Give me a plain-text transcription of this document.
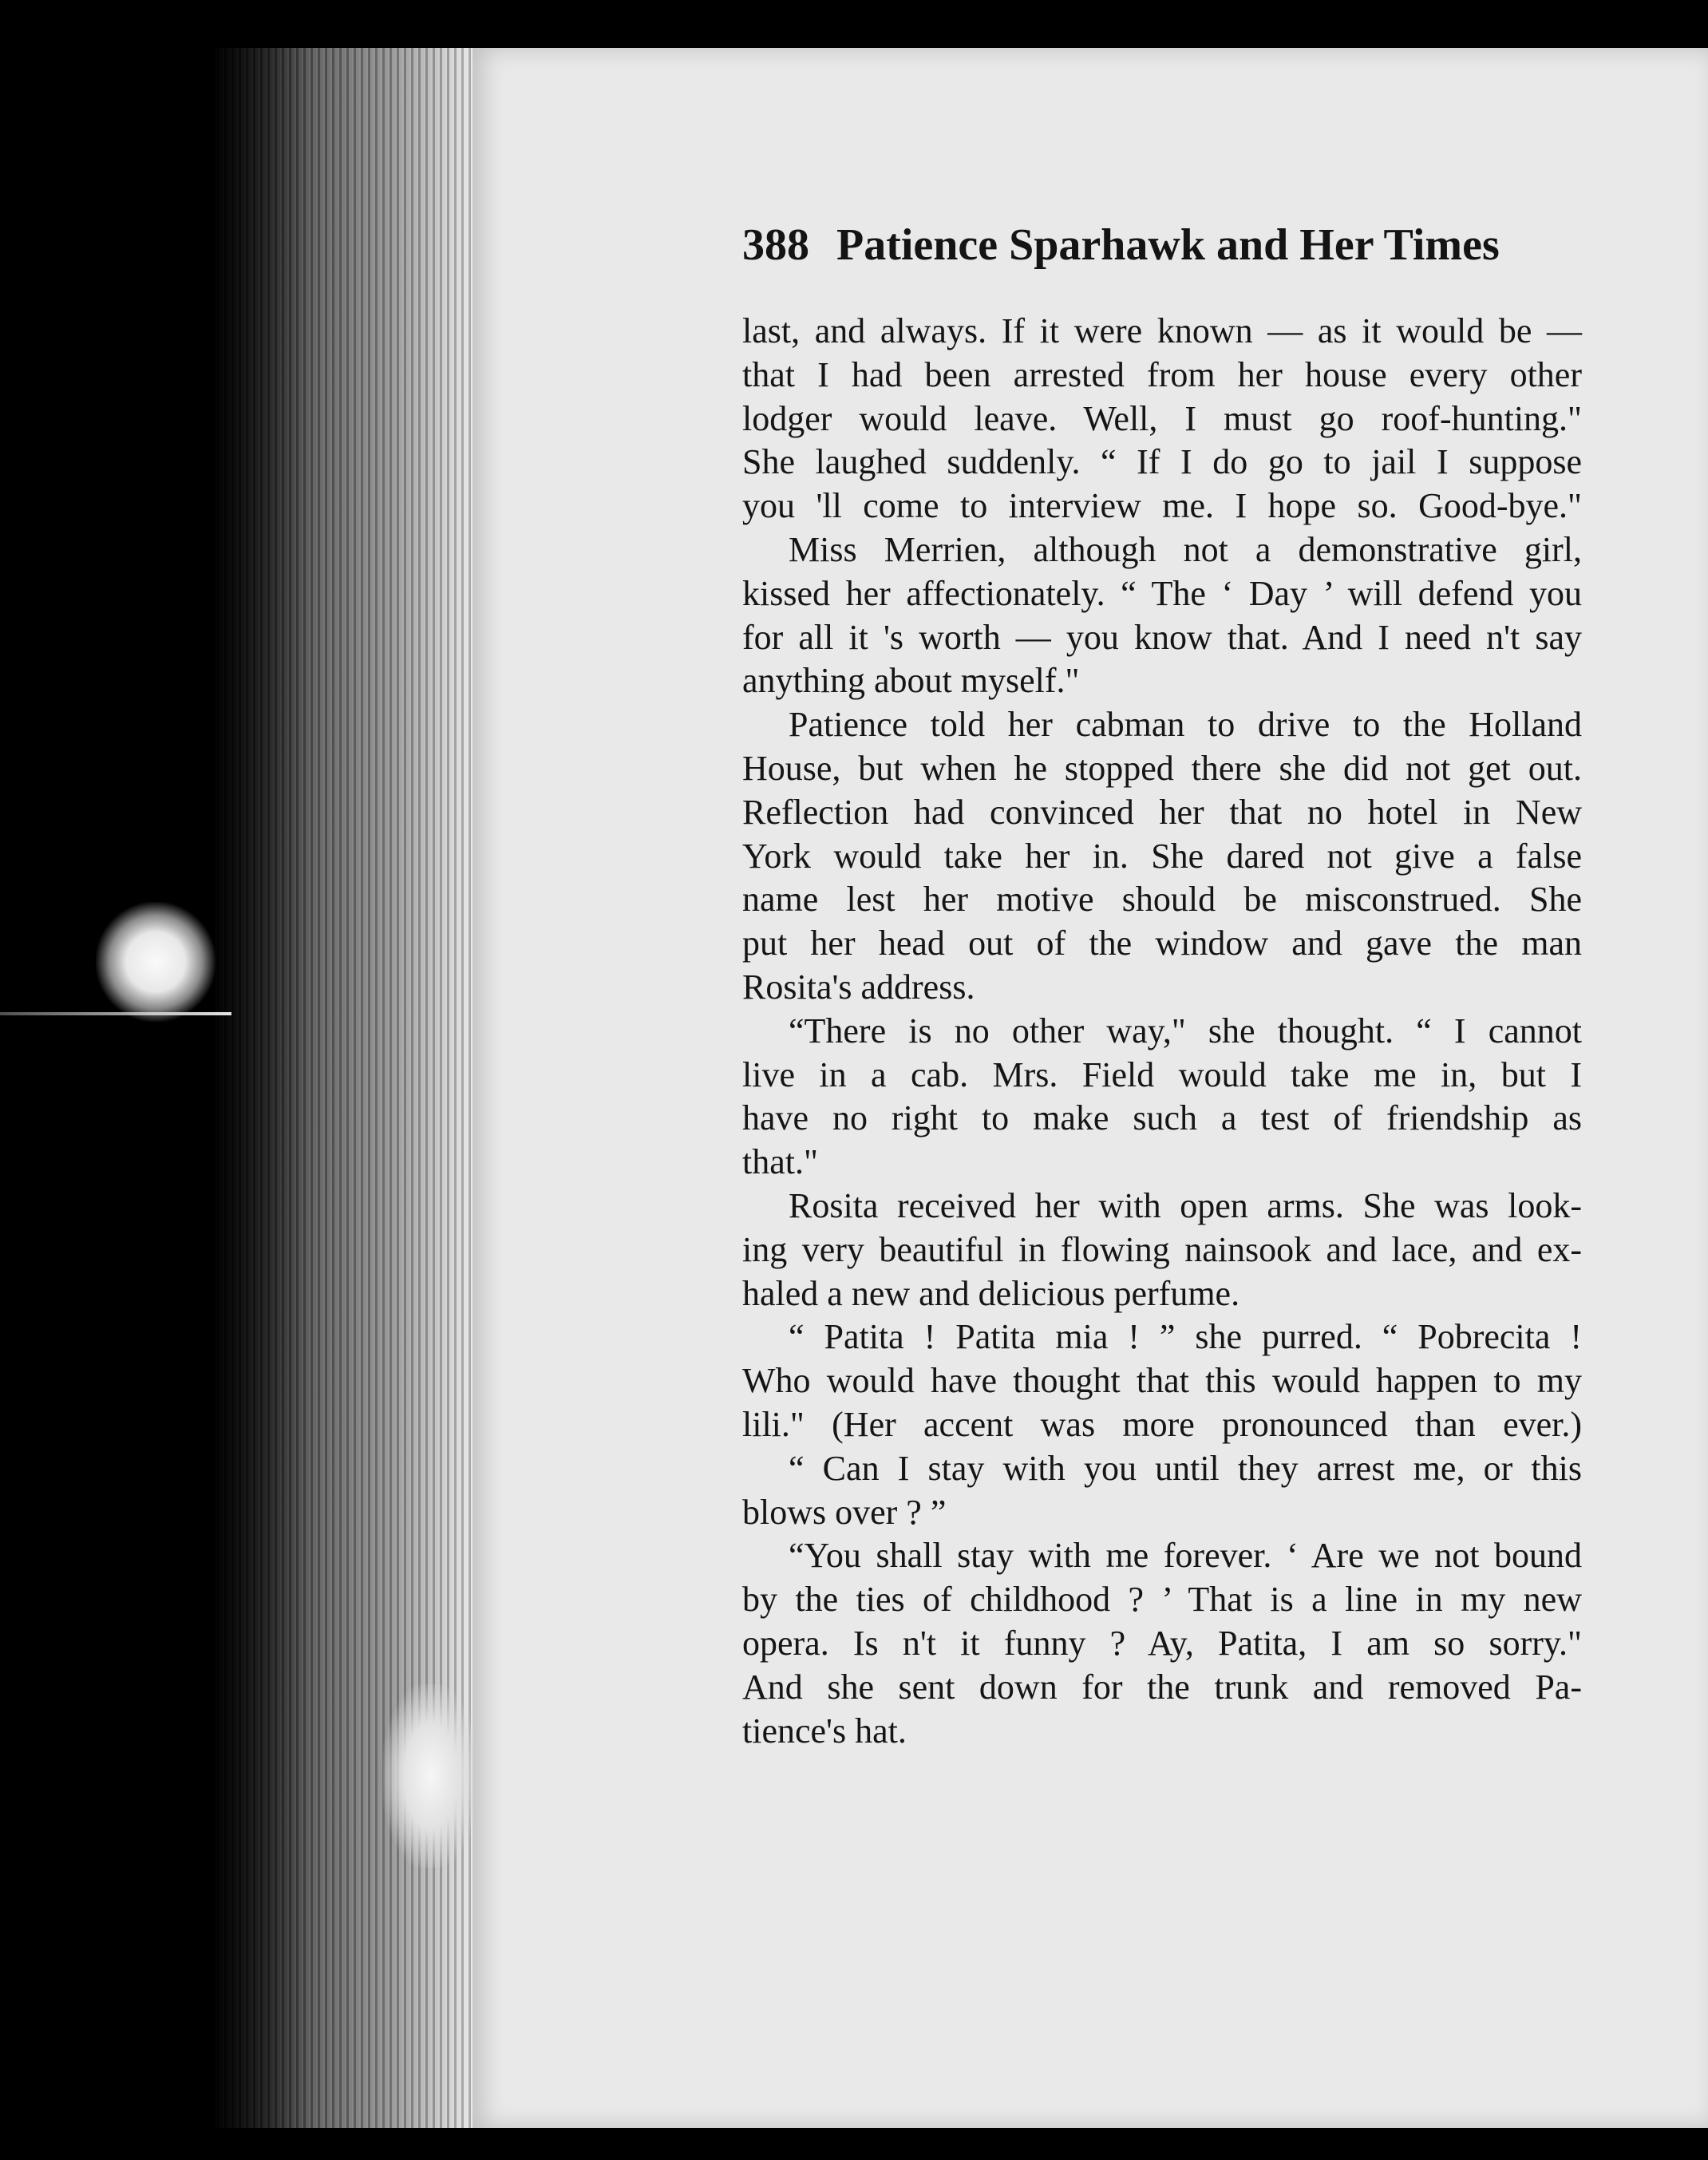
388 Patience Sparhawk and Her Times
last, and always. If it were known — as it would be —
that I had been arrested from her house every other
lodger would leave. Well, I must go roof-hunting."
She laughed suddenly. “ If I do go to jail I suppose
you 'll come to interview me. I hope so. Good-bye."
Miss Merrien, although not a demonstrative girl,
kissed her affectionately. “ The ‘ Day ’ will defend you
for all it 's worth — you know that. And I need n't say
anything about myself."
Patience told her cabman to drive to the Holland
House, but when he stopped there she did not get out.
Reflection had convinced her that no hotel in New
York would take her in. She dared not give a false
name lest her motive should be misconstrued. She
put her head out of the window and gave the man
Rosita's address.
“There is no other way," she thought. “ I cannot
live in a cab. Mrs. Field would take me in, but I
have no right to make such a test of friendship as
that."
Rosita received her with open arms. She was look-
ing very beautiful in flowing nainsook and lace, and ex-
haled a new and delicious perfume.
“ Patita ! Patita mia ! ” she purred. “ Pobrecita !
Who would have thought that this would happen to my
lili." (Her accent was more pronounced than ever.)
“ Can I stay with you until they arrest me, or this
blows over ? ”
“You shall stay with me forever. ‘ Are we not bound
by the ties of childhood ? ’ That is a line in my new
opera. Is n't it funny ? Ay, Patita, I am so sorry."
And she sent down for the trunk and removed Pa-
tience's hat.
